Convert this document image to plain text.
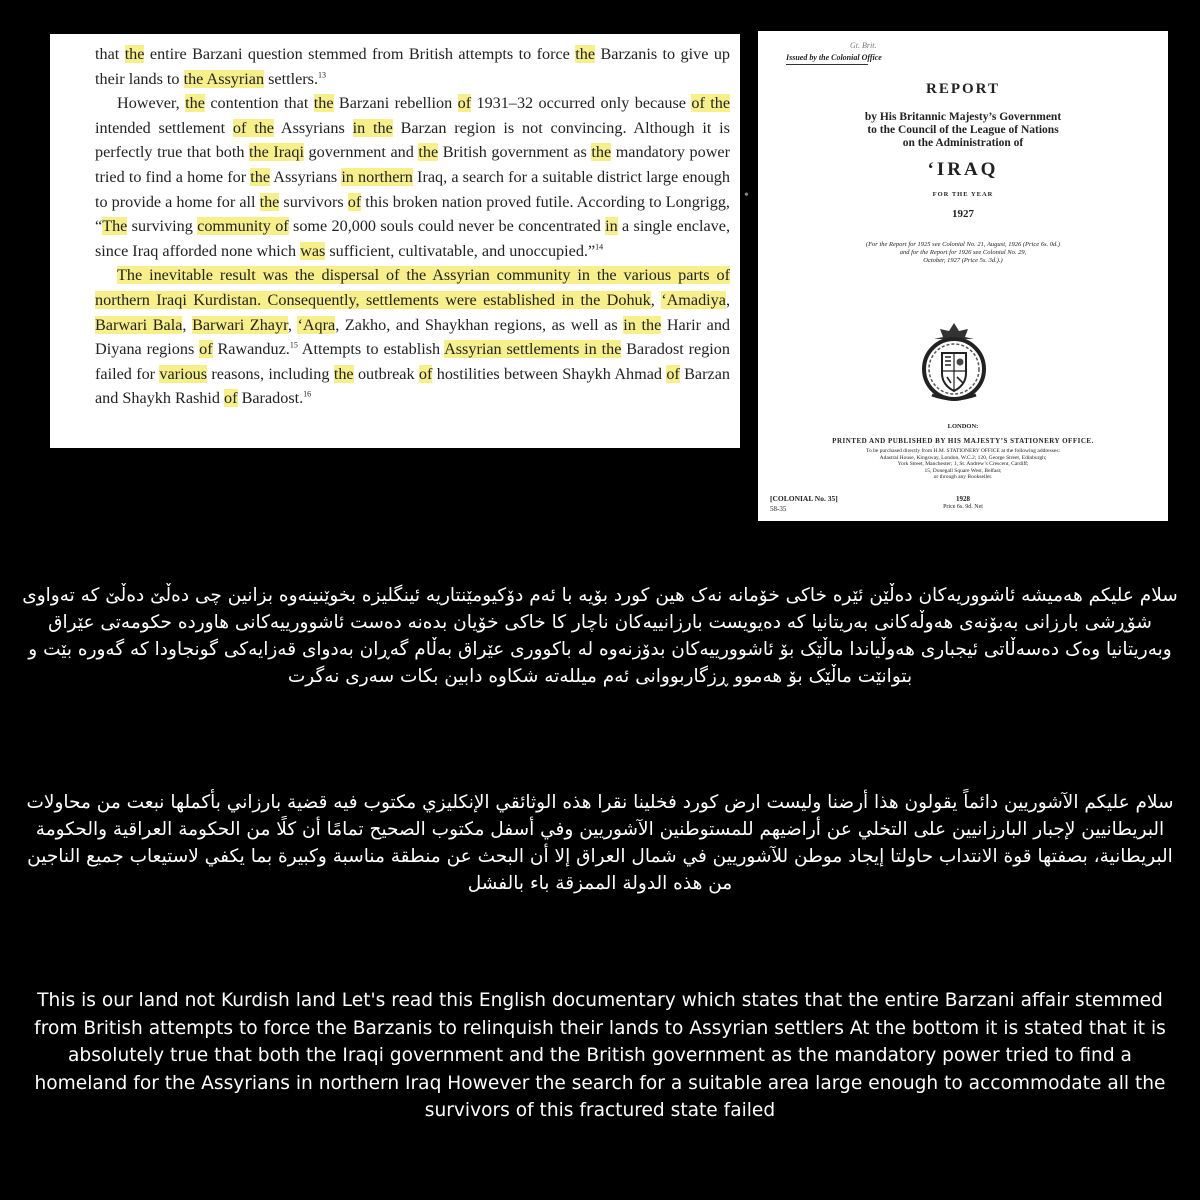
that the entire Barzani question stemmed from British attempts to force the Barzanis to give up their lands to the Assyrian settlers.$^{13}$

However, the contention that the Barzani rebellion of 1931–32 occurred only because of the intended settlement of the Assyrians in the Barzan region is not convincing. Although it is perfectly true that both the Iraqi government and the British government as the mandatory power tried to find a home for the Assyrians in northern Iraq, a search for a suitable district large enough to provide a home for all the survivors of this broken nation proved futile. According to Longrigg, “The surviving community of some 20,000 souls could never be concentrated in a single enclave, since Iraq afforded none which was sufficient, cultivatable, and unoccupied.”$^{14}$

The inevitable result was the dispersal of the Assyrian community in the various parts of northern Iraqi Kurdistan. Consequently, settlements were established in the Dohuk, ‘Amadiya, Barwari Bala, Barwari Zhayr, ‘Aqra, Zakho, and Shaykhan regions, as well as in the Harir and Diyana regions of Rawanduz.$^{15}$ Attempts to establish Assyrian settlements in the Baradost region failed for various reasons, including the outbreak of hostilities between Shaykh Ahmad of Barzan and Shaykh Rashid of Baradost.$^{16}$

•
Issued by the Colonial Office
Gt. Brit.
REPORT
by His Britannic Majesty’s Government
to the Council of the League of Nations
on the Administration of
‘IRAQ
FOR THE YEAR
1927
(For the Report for 1925 see Colonial No. 21, August, 1926 (Price 6s. 0d.)
and for the Report for 1926 see Colonial No. 29,
October, 1927 (Price 5s. 3d.).)
LONDON:
PRINTED AND PUBLISHED BY HIS MAJESTY’S STATIONERY OFFICE.
To be purchased directly from H.M. STATIONERY OFFICE at the following addresses:
Adastral House, Kingsway, London, W.C.2; 120, George Street, Edinburgh;
York Street, Manchester; 1, St. Andrew’s Crescent, Cardiff;
15, Donegall Square West, Belfast;
or through any Bookseller.
1928
Price 6s. 9d. Net
[COLONIAL No. 35]
58-35
سلام علیکم هەمیشە ئاشووریەکان دەڵێن ئێرە خاکی خۆمانە نەک هین کورد بۆیە با ئەم دۆکیومێنتاریە ئینگلیزە بخوێنینەوە بزانین چی دەڵێ دەڵێ کە تەواوی شۆڕشی بارزانی بەبۆنەی هەوڵەکانی بەریتانیا کە دەیویست بارزانییەکان ناچار کا خاکی خۆیان بدەنە دەست ئاشوورییەکانی هاوردە حکومەتی عێراق وبەریتانیا وەک دەسەڵاتی ئیجباری هەوڵیاندا ماڵێک بۆ ئاشوورییەکان بدۆزنەوە لە باکووری عێراق بەڵام گەڕان بەدوای قەزایەکی گونجاودا کە گەورە بێت و بتوانێت ماڵێک بۆ هەموو ڕزگاربووانی ئەم میللەتە شکاوە دابین بکات سەری نەگرت
سلام عليكم الآشوريين دائماً يقولون هذا أرضنا وليست ارض كورد فخلينا نقرا هذه الوثائقي الإنكليزي مكتوب فيه قضية بارزاني بأكملها نبعت من محاولات البريطانيين لإجبار البارزانيين على التخلي عن أراضيهم للمستوطنين الآشوريين وفي أسفل مكتوب الصحيح تمامًا أن كلًا من الحكومة العراقية والحكومة البريطانية، بصفتها قوة الانتداب حاولتا إيجاد موطن للآشوريين في شمال العراق إلا أن البحث عن منطقة مناسبة وكبيرة بما يكفي لاستيعاب جميع الناجين من هذه الدولة الممزقة باء بالفشل
This is our land not Kurdish land Let's read this English documentary which states that the entire Barzani affair stemmed from British attempts to force the Barzanis to relinquish their lands to Assyrian settlers At the bottom it is stated that it is absolutely true that both the Iraqi government and the British government as the mandatory power tried to find a homeland for the Assyrians in northern Iraq However the search for a suitable area large enough to accommodate all the survivors of this fractured state failed
